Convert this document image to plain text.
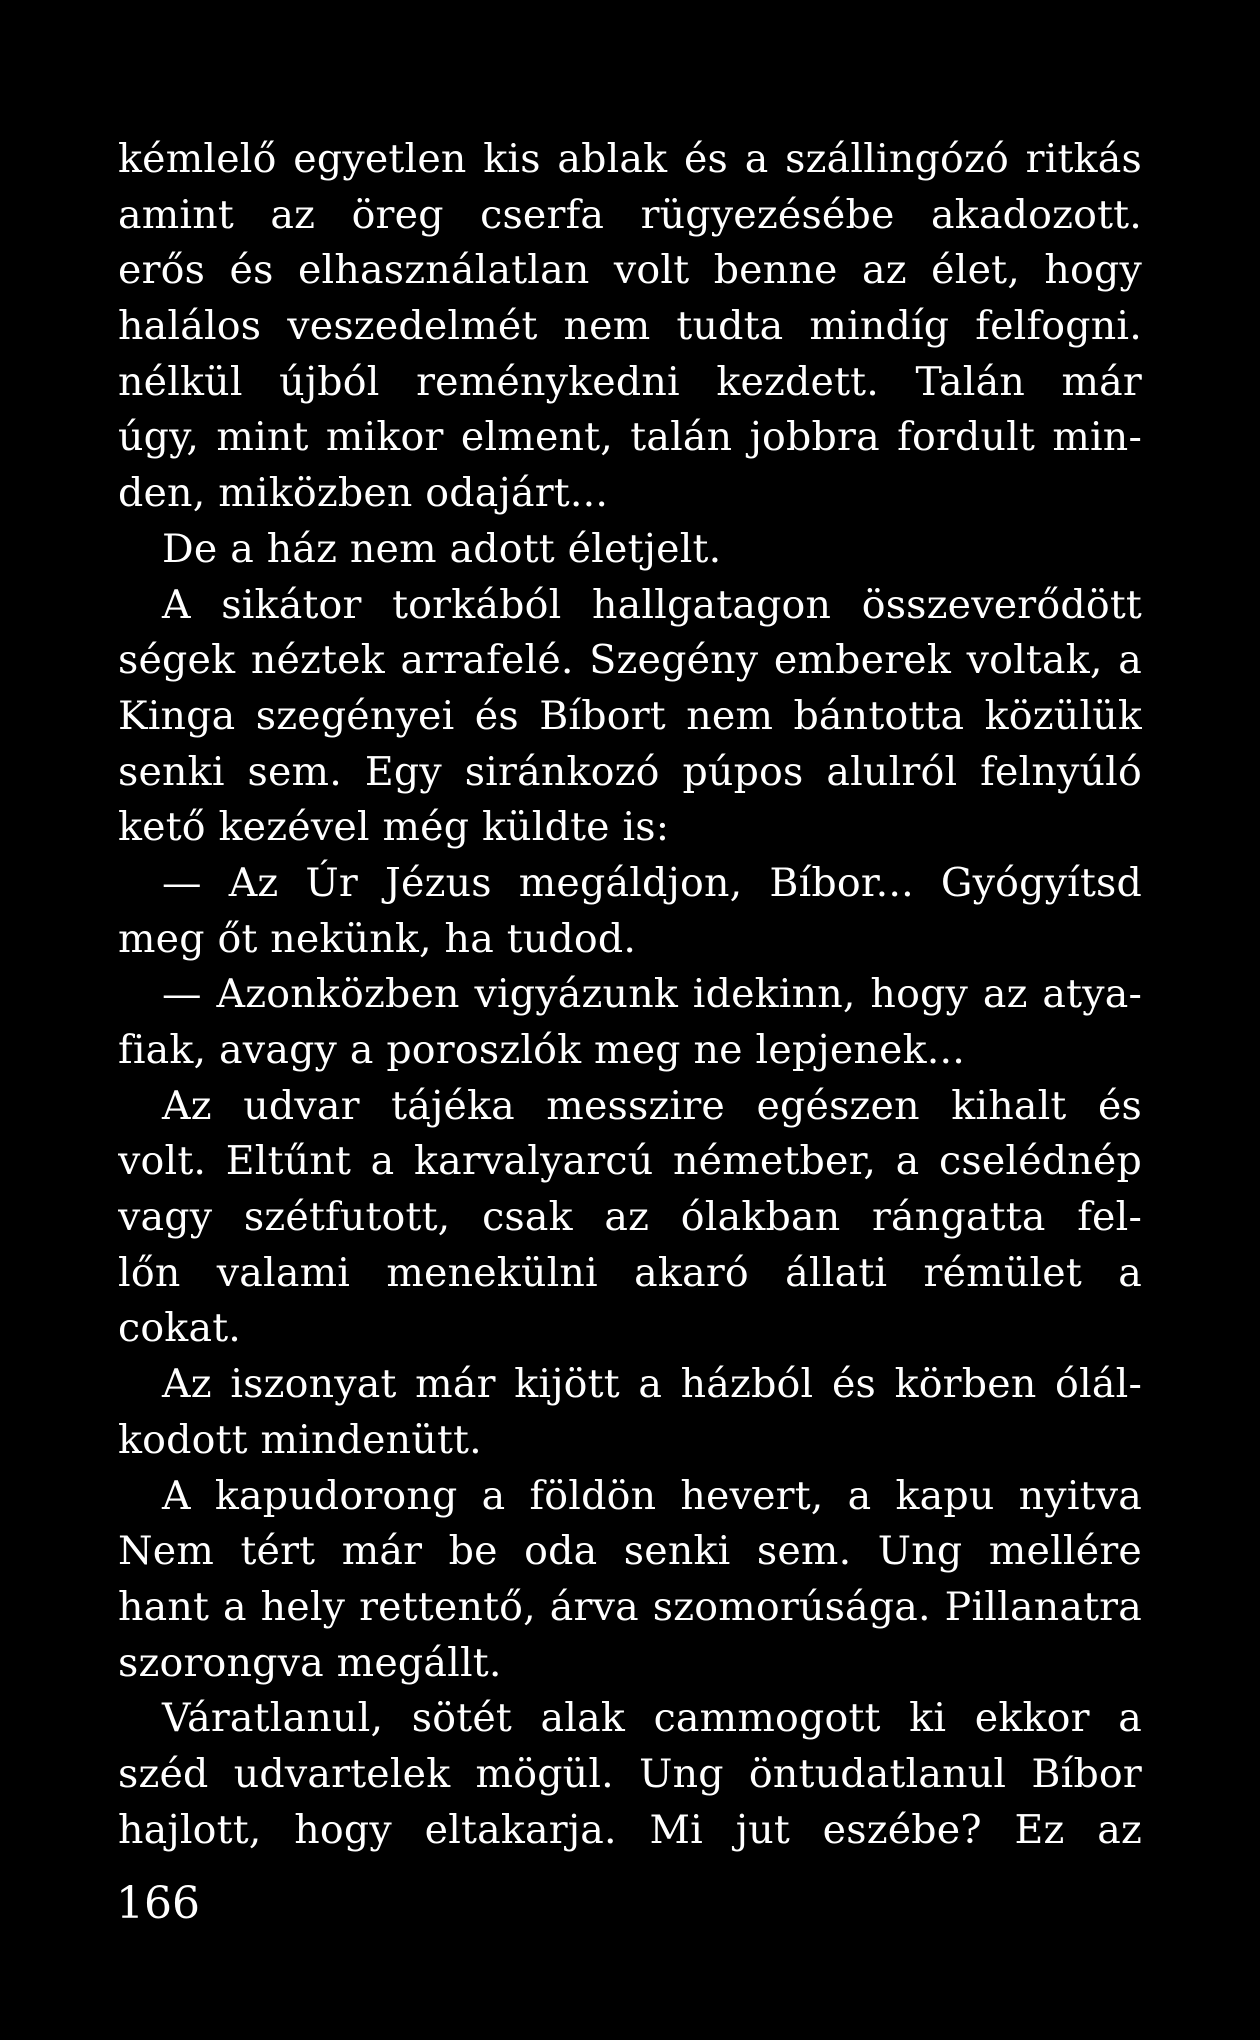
kémlelő egyetlen kis ablak és a szállingózó ritkás
amint az öreg cserfa rügyezésébe akadozott.
erős és elhasználatlan volt benne az élet, hogy
halálos veszedelmét nem tudta mindíg felfogni.
nélkül újból reménykedni kezdett. Talán már
úgy, mint mikor elment, talán jobbra fordult min-
den, miközben odajárt...
De a ház nem adott életjelt.
A sikátor torkából hallgatagon összeverődött
ségek néztek arrafelé. Szegény emberek voltak, a
Kinga szegényei és Bíbort nem bántotta közülük
senki sem. Egy siránkozó púpos alulról felnyúló
kető kezével még küldte is:
— Az Úr Jézus megáldjon, Bíbor... Gyógyítsd
meg őt nekünk, ha tudod.
— Azonközben vigyázunk idekinn, hogy az atya-
fiak, avagy a poroszlók meg ne lepjenek...
Az udvar tájéka messzire egészen kihalt és
volt. Eltűnt a karvalyarcú németber, a cselédnép
vagy szétfutott, csak az ólakban rángatta fel-
lőn valami menekülni akaró állati rémület a
cokat.
Az iszonyat már kijött a házból és körben ólál-
kodott mindenütt.
A kapudorong a földön hevert, a kapu nyitva
Nem tért már be oda senki sem. Ung mellére
hant a hely rettentő, árva szomorúsága. Pillanatra
szorongva megállt.
Váratlanul, sötét alak cammogott ki ekkor a
széd udvartelek mögül. Ung öntudatlanul Bíbor
hajlott, hogy eltakarja. Mi jut eszébe? Ez az
166
